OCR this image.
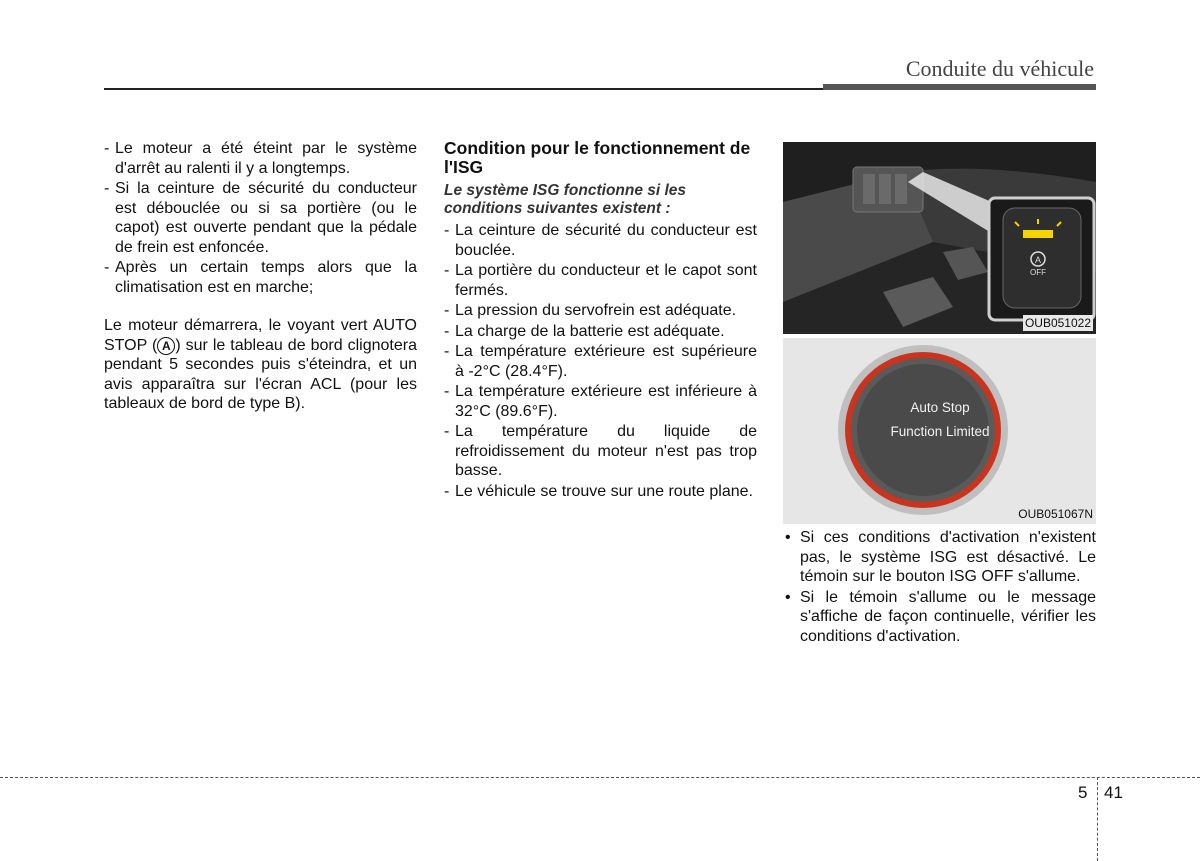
Conduite du véhicule
- Le moteur a été éteint par le système d'arrêt au ralenti il y a longtemps.
- Si la ceinture de sécurité du conducteur est débouclée ou si sa portière (ou le capot) est ouverte pendant que la pédale de frein est enfoncée.
- Après un certain temps alors que la climatisation est en marche;

Le moteur démarrera, le voyant vert AUTO STOP ( A ) sur le tableau de bord clignotera pendant 5 secondes puis s'éteindra, et un avis apparaîtra sur l'écran ACL (pour les tableaux de bord de type B).

Condition pour le fonctionnement de l'ISG
Le système ISG fonctionne si les conditions suivantes existent :
- La ceinture de sécurité du conducteur est bouclée.
- La portière du conducteur et le capot sont fermés.
- La pression du servofrein est adéquate.
- La charge de la batterie est adéquate.
- La température extérieure est supérieure à -2°C (28.4°F).
- La température extérieure est inférieure à 32°C (89.6°F).
- La température du liquide de refroidissement du moteur n'est pas trop basse.
- Le véhicule se trouve sur une route plane.
A
OFF
OUB051022
Auto Stop
Function Limited
OUB051067N
• Si ces conditions d'activation n'existent pas, le système ISG est désactivé. Le témoin sur le bouton ISG OFF s'allume.
• Si le témoin s'allume ou le message s'affiche de façon continuelle, vérifier les conditions d'activation.
5 41
